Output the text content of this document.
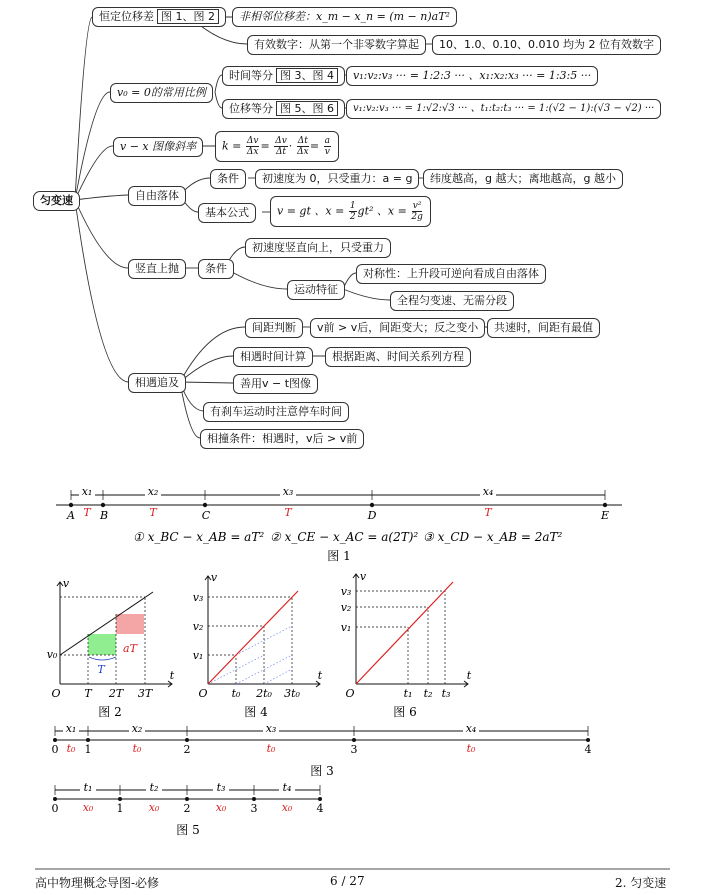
匀变速
恒定位移差 图 1、图 2	非相邻位移差：x_m − x_n = (m − n)aT²
有效数字：从第一个非零数字算起	10、1.0、0.10、0.010 均为 2 位有效数字
v₀ = 0的常用比例
时间等分 图 3、图 4	v₁:v₂:v₃ ··· = 1:2:3 ··· 、x₁:x₂:x₃ ··· = 1:3:5 ···
位移等分 图 5、图 6	v₁:v₂:v₃ ··· = 1:√2:√3 ··· 、t₁:t₂:t₃ ··· = 1:(√2 − 1):(√3 − √2) ···
v − x 图像斜率	$k = \frac{\Delta v}{\Delta x} = \frac{\Delta v}{\Delta t} \cdot \frac{\Delta t}{\Delta x} = \frac{a}{v}$
自由落体
条件	初速度为 0，只受重力：a = g	纬度越高，g 越大；离地越高，g 越小
基本公式	v = gt 、$x = \frac{1}{2} gt^2$ 、$x = \frac{\text{v²}}{2g}$
竖直上抛	条件
初速度竖直向上，只受重力
运动特征
对称性：上升段可逆向看成自由落体
全程匀变速、无需分段
相遇追及
间距判断	v前 > v后，间距变大；反之变小	共速时，间距有最值
相遇时间计算	根据距离、时间关系列方程
善用v − t图像
有刹车运动时注意停车时间
相撞条件：相遇时，v后 > v前
x₁	x₂	x₃	x₄
A T B	T	C	T	D	T	E
① x_BC − x_AB = aT² ② x_CE − x_AC = a(2T)² ③ x_CD − x_AB = 2aT²
图 1
v
v₀
O
t
T 2T 3T
T
aT
图 2
v
v₁
v₂
v₃
O
t
t₀ 2t₀ 3t₀
图 4
v
v₁
v₂
v₃
O
t
t₁ t₂ t₃
图 6
x₁	x₂	x₃	x₄
0 1	2	3	4
t₀	t₀	t₀	t₀
图 3
t₁	t₂	t₃	t₄
0	1	2	3	4
x₀	x₀	x₀	x₀
图 5
高中物理概念导图-必修	6 / 27	2. 匀变速
